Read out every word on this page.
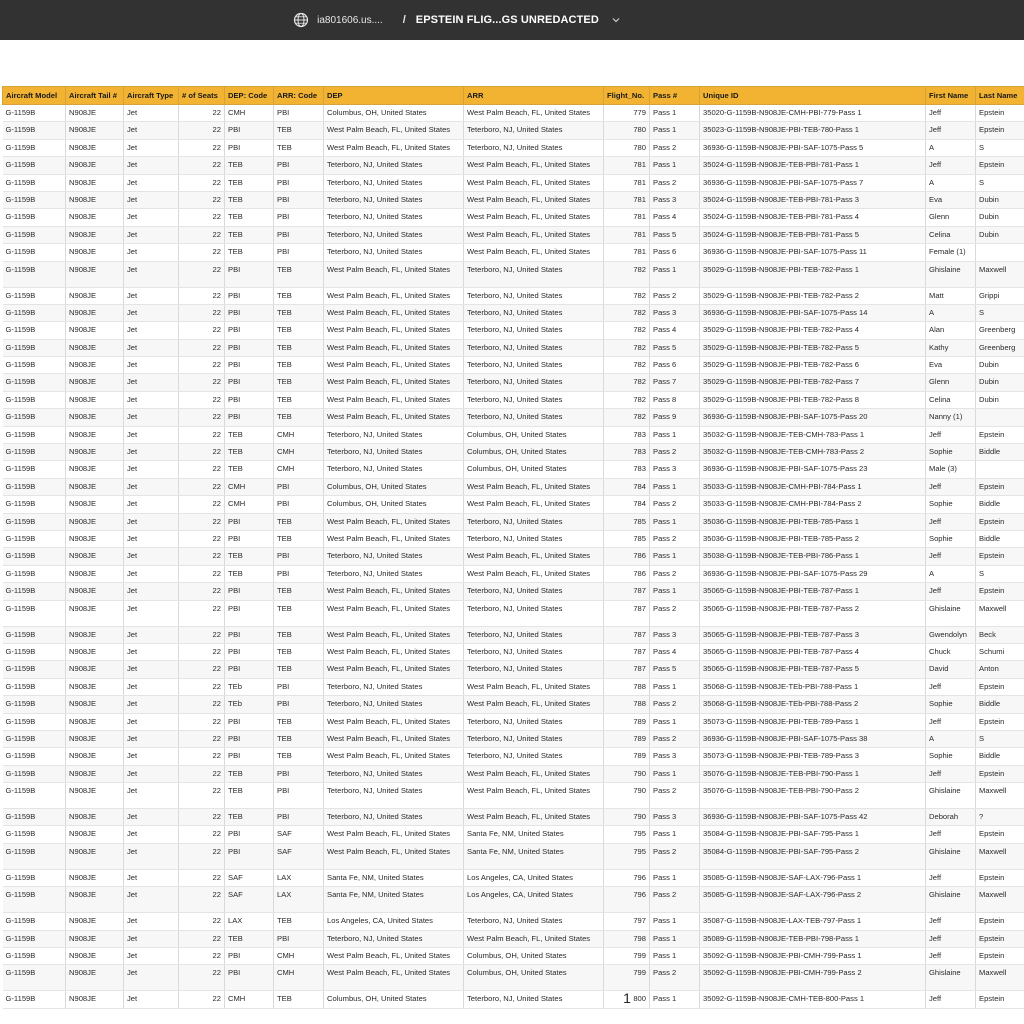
ia801606.us.... / EPSTEIN FLIG...GS UNREDACTED
Aircraft Model	Aircraft Tail #	Aircraft Type	# of Seats	DEP: Code	ARR: Code	DEP	ARR	Flight_No.	Pass #	Unique ID	First Name	Last Name
G-1159B	N908JE	Jet	22	CMH	PBI	Columbus, OH, United States	West Palm Beach, FL, United States	779	Pass 1	35020-G-1159B-N908JE-CMH-PBI-779-Pass 1	Jeff	Epstein
G-1159B	N908JE	Jet	22	PBI	TEB	West Palm Beach, FL, United States	Teterboro, NJ, United States	780	Pass 1	35023-G-1159B-N908JE-PBI-TEB-780-Pass 1	Jeff	Epstein
G-1159B	N908JE	Jet	22	PBI	TEB	West Palm Beach, FL, United States	Teterboro, NJ, United States	780	Pass 2	36936-G-1159B-N908JE-PBI-SAF-1075-Pass 5	A	S
G-1159B	N908JE	Jet	22	TEB	PBI	Teterboro, NJ, United States	West Palm Beach, FL, United States	781	Pass 1	35024-G-1159B-N908JE-TEB-PBI-781-Pass 1	Jeff	Epstein
G-1159B	N908JE	Jet	22	TEB	PBI	Teterboro, NJ, United States	West Palm Beach, FL, United States	781	Pass 2	36936-G-1159B-N908JE-PBI-SAF-1075-Pass 7	A	S
G-1159B	N908JE	Jet	22	TEB	PBI	Teterboro, NJ, United States	West Palm Beach, FL, United States	781	Pass 3	35024-G-1159B-N908JE-TEB-PBI-781-Pass 3	Eva	Dubin
G-1159B	N908JE	Jet	22	TEB	PBI	Teterboro, NJ, United States	West Palm Beach, FL, United States	781	Pass 4	35024-G-1159B-N908JE-TEB-PBI-781-Pass 4	Glenn	Dubin
G-1159B	N908JE	Jet	22	TEB	PBI	Teterboro, NJ, United States	West Palm Beach, FL, United States	781	Pass 5	35024-G-1159B-N908JE-TEB-PBI-781-Pass 5	Celina	Dubin
G-1159B	N908JE	Jet	22	TEB	PBI	Teterboro, NJ, United States	West Palm Beach, FL, United States	781	Pass 6	36936-G-1159B-N908JE-PBI-SAF-1075-Pass 11	Female (1)	
G-1159B	N908JE	Jet	22	PBI	TEB	West Palm Beach, FL, United States	Teterboro, NJ, United States	782	Pass 1	35029-G-1159B-N908JE-PBI-TEB-782-Pass 1	Ghislaine	Maxwell
G-1159B	N908JE	Jet	22	PBI	TEB	West Palm Beach, FL, United States	Teterboro, NJ, United States	782	Pass 2	35029-G-1159B-N908JE-PBI-TEB-782-Pass 2	Matt	Grippi
G-1159B	N908JE	Jet	22	PBI	TEB	West Palm Beach, FL, United States	Teterboro, NJ, United States	782	Pass 3	36936-G-1159B-N908JE-PBI-SAF-1075-Pass 14	A	S
G-1159B	N908JE	Jet	22	PBI	TEB	West Palm Beach, FL, United States	Teterboro, NJ, United States	782	Pass 4	35029-G-1159B-N908JE-PBI-TEB-782-Pass 4	Alan	Greenberg
G-1159B	N908JE	Jet	22	PBI	TEB	West Palm Beach, FL, United States	Teterboro, NJ, United States	782	Pass 5	35029-G-1159B-N908JE-PBI-TEB-782-Pass 5	Kathy	Greenberg
G-1159B	N908JE	Jet	22	PBI	TEB	West Palm Beach, FL, United States	Teterboro, NJ, United States	782	Pass 6	35029-G-1159B-N908JE-PBI-TEB-782-Pass 6	Eva	Dubin
G-1159B	N908JE	Jet	22	PBI	TEB	West Palm Beach, FL, United States	Teterboro, NJ, United States	782	Pass 7	35029-G-1159B-N908JE-PBI-TEB-782-Pass 7	Glenn	Dubin
G-1159B	N908JE	Jet	22	PBI	TEB	West Palm Beach, FL, United States	Teterboro, NJ, United States	782	Pass 8	35029-G-1159B-N908JE-PBI-TEB-782-Pass 8	Celina	Dubin
G-1159B	N908JE	Jet	22	PBI	TEB	West Palm Beach, FL, United States	Teterboro, NJ, United States	782	Pass 9	36936-G-1159B-N908JE-PBI-SAF-1075-Pass 20	Nanny (1)	
G-1159B	N908JE	Jet	22	TEB	CMH	Teterboro, NJ, United States	Columbus, OH, United States	783	Pass 1	35032-G-1159B-N908JE-TEB-CMH-783-Pass 1	Jeff	Epstein
G-1159B	N908JE	Jet	22	TEB	CMH	Teterboro, NJ, United States	Columbus, OH, United States	783	Pass 2	35032-G-1159B-N908JE-TEB-CMH-783-Pass 2	Sophie	Biddle
G-1159B	N908JE	Jet	22	TEB	CMH	Teterboro, NJ, United States	Columbus, OH, United States	783	Pass 3	36936-G-1159B-N908JE-PBI-SAF-1075-Pass 23	Male (3)	
G-1159B	N908JE	Jet	22	CMH	PBI	Columbus, OH, United States	West Palm Beach, FL, United States	784	Pass 1	35033-G-1159B-N908JE-CMH-PBI-784-Pass 1	Jeff	Epstein
G-1159B	N908JE	Jet	22	CMH	PBI	Columbus, OH, United States	West Palm Beach, FL, United States	784	Pass 2	35033-G-1159B-N908JE-CMH-PBI-784-Pass 2	Sophie	Biddle
G-1159B	N908JE	Jet	22	PBI	TEB	West Palm Beach, FL, United States	Teterboro, NJ, United States	785	Pass 1	35036-G-1159B-N908JE-PBI-TEB-785-Pass 1	Jeff	Epstein
G-1159B	N908JE	Jet	22	PBI	TEB	West Palm Beach, FL, United States	Teterboro, NJ, United States	785	Pass 2	35036-G-1159B-N908JE-PBI-TEB-785-Pass 2	Sophie	Biddle
G-1159B	N908JE	Jet	22	TEB	PBI	Teterboro, NJ, United States	West Palm Beach, FL, United States	786	Pass 1	35038-G-1159B-N908JE-TEB-PBI-786-Pass 1	Jeff	Epstein
G-1159B	N908JE	Jet	22	TEB	PBI	Teterboro, NJ, United States	West Palm Beach, FL, United States	786	Pass 2	36936-G-1159B-N908JE-PBI-SAF-1075-Pass 29	A	S
G-1159B	N908JE	Jet	22	PBI	TEB	West Palm Beach, FL, United States	Teterboro, NJ, United States	787	Pass 1	35065-G-1159B-N908JE-PBI-TEB-787-Pass 1	Jeff	Epstein
G-1159B	N908JE	Jet	22	PBI	TEB	West Palm Beach, FL, United States	Teterboro, NJ, United States	787	Pass 2	35065-G-1159B-N908JE-PBI-TEB-787-Pass 2	Ghislaine	Maxwell
G-1159B	N908JE	Jet	22	PBI	TEB	West Palm Beach, FL, United States	Teterboro, NJ, United States	787	Pass 3	35065-G-1159B-N908JE-PBI-TEB-787-Pass 3	Gwendolyn	Beck
G-1159B	N908JE	Jet	22	PBI	TEB	West Palm Beach, FL, United States	Teterboro, NJ, United States	787	Pass 4	35065-G-1159B-N908JE-PBI-TEB-787-Pass 4	Chuck	Schumi
G-1159B	N908JE	Jet	22	PBI	TEB	West Palm Beach, FL, United States	Teterboro, NJ, United States	787	Pass 5	35065-G-1159B-N908JE-PBI-TEB-787-Pass 5	David	Anton
G-1159B	N908JE	Jet	22	TEb	PBI	Teterboro, NJ, United States	West Palm Beach, FL, United States	788	Pass 1	35068-G-1159B-N908JE-TEb-PBI-788-Pass 1	Jeff	Epstein
G-1159B	N908JE	Jet	22	TEb	PBI	Teterboro, NJ, United States	West Palm Beach, FL, United States	788	Pass 2	35068-G-1159B-N908JE-TEb-PBI-788-Pass 2	Sophie	Biddle
G-1159B	N908JE	Jet	22	PBI	TEB	West Palm Beach, FL, United States	Teterboro, NJ, United States	789	Pass 1	35073-G-1159B-N908JE-PBI-TEB-789-Pass 1	Jeff	Epstein
G-1159B	N908JE	Jet	22	PBI	TEB	West Palm Beach, FL, United States	Teterboro, NJ, United States	789	Pass 2	36936-G-1159B-N908JE-PBI-SAF-1075-Pass 38	A	S
G-1159B	N908JE	Jet	22	PBI	TEB	West Palm Beach, FL, United States	Teterboro, NJ, United States	789	Pass 3	35073-G-1159B-N908JE-PBI-TEB-789-Pass 3	Sophie	Biddle
G-1159B	N908JE	Jet	22	TEB	PBI	Teterboro, NJ, United States	West Palm Beach, FL, United States	790	Pass 1	35076-G-1159B-N908JE-TEB-PBI-790-Pass 1	Jeff	Epstein
G-1159B	N908JE	Jet	22	TEB	PBI	Teterboro, NJ, United States	West Palm Beach, FL, United States	790	Pass 2	35076-G-1159B-N908JE-TEB-PBI-790-Pass 2	Ghislaine	Maxwell
G-1159B	N908JE	Jet	22	TEB	PBI	Teterboro, NJ, United States	West Palm Beach, FL, United States	790	Pass 3	36936-G-1159B-N908JE-PBI-SAF-1075-Pass 42	Deborah	?
G-1159B	N908JE	Jet	22	PBI	SAF	West Palm Beach, FL, United States	Santa Fe, NM, United States	795	Pass 1	35084-G-1159B-N908JE-PBI-SAF-795-Pass 1	Jeff	Epstein
G-1159B	N908JE	Jet	22	PBI	SAF	West Palm Beach, FL, United States	Santa Fe, NM, United States	795	Pass 2	35084-G-1159B-N908JE-PBI-SAF-795-Pass 2	Ghislaine	Maxwell
G-1159B	N908JE	Jet	22	SAF	LAX	Santa Fe, NM, United States	Los Angeles, CA, United States	796	Pass 1	35085-G-1159B-N908JE-SAF-LAX-796-Pass 1	Jeff	Epstein
G-1159B	N908JE	Jet	22	SAF	LAX	Santa Fe, NM, United States	Los Angeles, CA, United States	796	Pass 2	35085-G-1159B-N908JE-SAF-LAX-796-Pass 2	Ghislaine	Maxwell
G-1159B	N908JE	Jet	22	LAX	TEB	Los Angeles, CA, United States	Teterboro, NJ, United States	797	Pass 1	35087-G-1159B-N908JE-LAX-TEB-797-Pass 1	Jeff	Epstein
G-1159B	N908JE	Jet	22	TEB	PBI	Teterboro, NJ, United States	West Palm Beach, FL, United States	798	Pass 1	35089-G-1159B-N908JE-TEB-PBI-798-Pass 1	Jeff	Epstein
G-1159B	N908JE	Jet	22	PBI	CMH	West Palm Beach, FL, United States	Columbus, OH, United States	799	Pass 1	35092-G-1159B-N908JE-PBI-CMH-799-Pass 1	Jeff	Epstein
G-1159B	N908JE	Jet	22	PBI	CMH	West Palm Beach, FL, United States	Columbus, OH, United States	799	Pass 2	35092-G-1159B-N908JE-PBI-CMH-799-Pass 2	Ghislaine	Maxwell
G-1159B	N908JE	Jet	22	CMH	TEB	Columbus, OH, United States	Teterboro, NJ, United States	800	Pass 1	35092-G-1159B-N908JE-CMH-TEB-800-Pass 1	Jeff	Epstein
1
